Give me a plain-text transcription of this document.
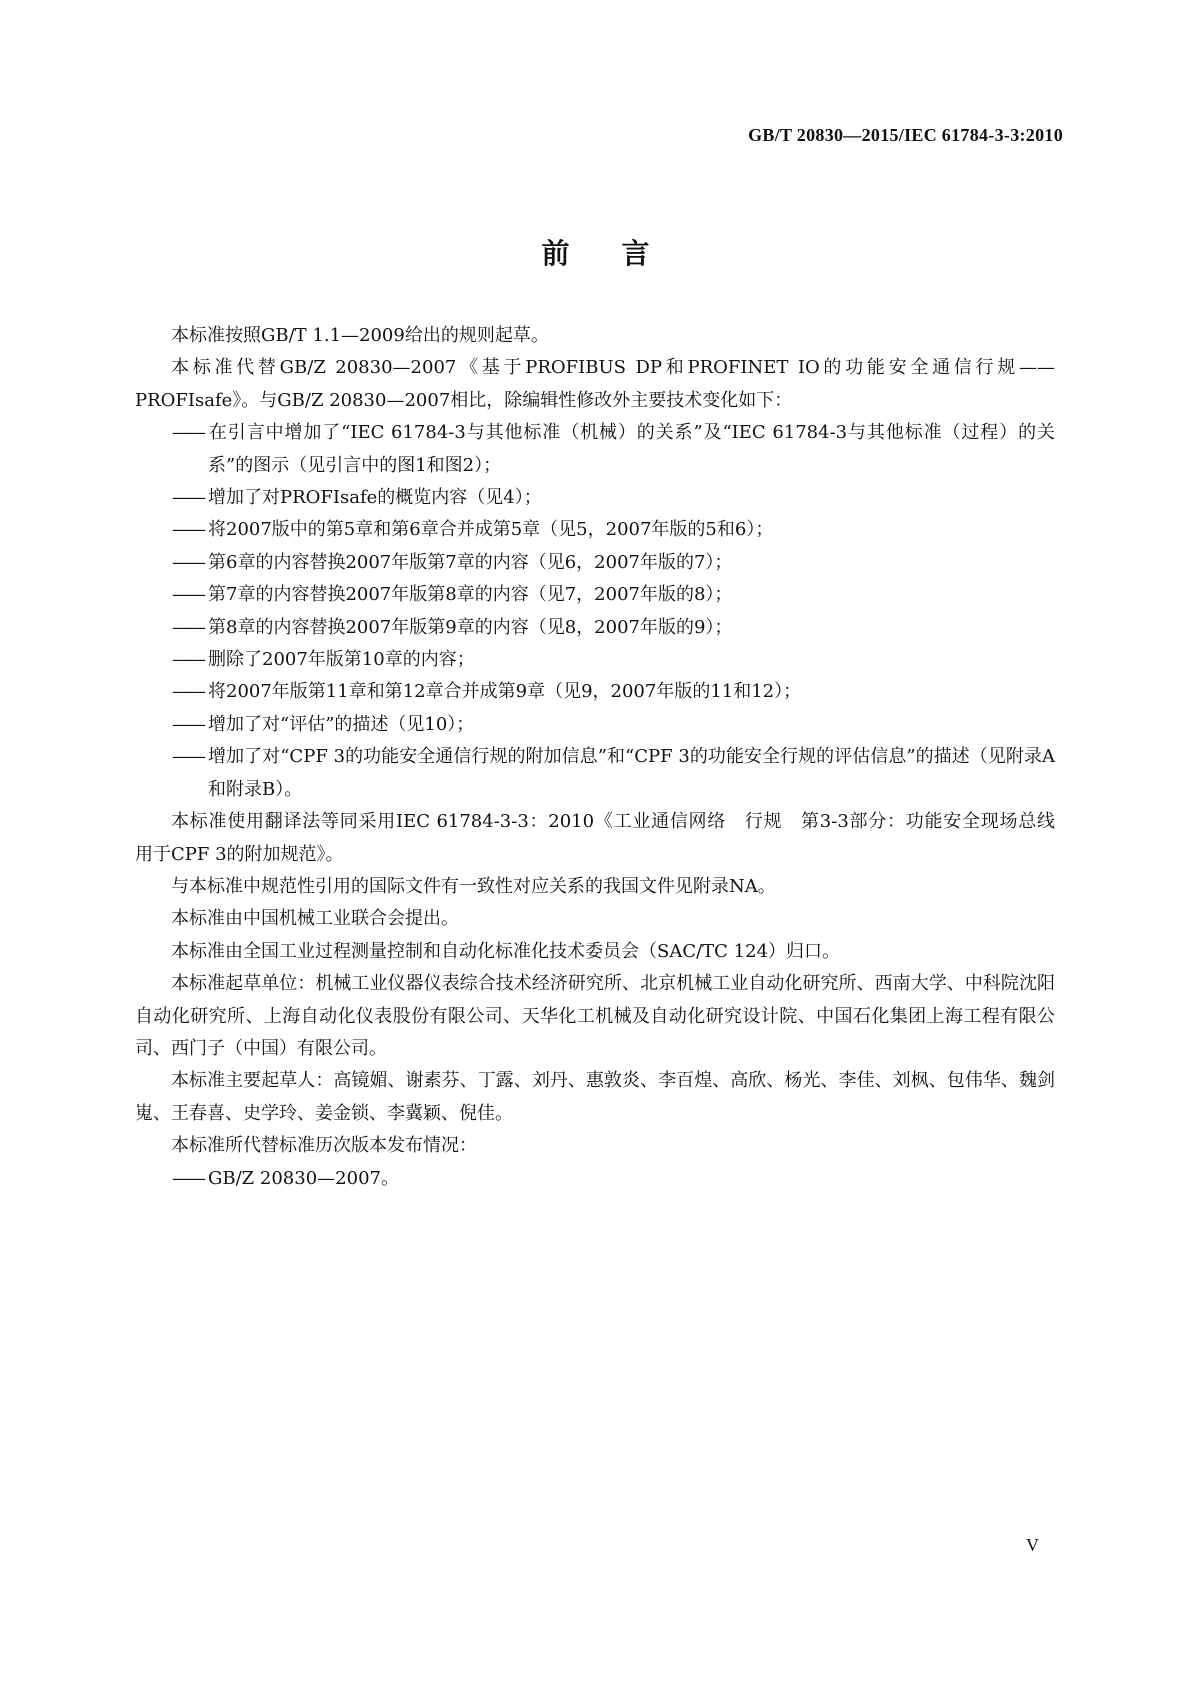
GB/T 20830—2015/IEC 61784-3-3:2010
前言

本标准按照GB/T 1.1—2009给出的规则起草。

本标准代替GB/Z 20830—2007《基于PROFIBUS DP和PROFINET IO的功能安全通信行规——PROFIsafe》。与GB/Z 20830—2007相比，除编辑性修改外主要技术变化如下：

—— 在引言中增加了“IEC 61784-3与其他标准（机械）的关系”及“IEC 61784-3与其他标准（过程）的关系”的图示（见引言中的图1和图2）；

—— 增加了对PROFIsafe的概览内容（见4）；

—— 将2007版中的第5章和第6章合并成第5章（见5，2007年版的5和6）；

—— 第6章的内容替换2007年版第7章的内容（见6，2007年版的7）；

—— 第7章的内容替换2007年版第8章的内容（见7，2007年版的8）；

—— 第8章的内容替换2007年版第9章的内容（见8，2007年版的9）；

—— 删除了2007年版第10章的内容；

—— 将2007年版第11章和第12章合并成第9章（见9，2007年版的11和12）；

—— 增加了对“评估”的描述（见10）；

—— 增加了对“CPF 3的功能安全通信行规的附加信息”和“CPF 3的功能安全行规的评估信息”的描述（见附录A和附录B）。

本标准使用翻译法等同采用IEC 61784-3-3：2010《工业通信网络　行规　第3-3部分：功能安全现场总线　用于CPF 3的附加规范》。

与本标准中规范性引用的国际文件有一致性对应关系的我国文件见附录NA。

本标准由中国机械工业联合会提出。

本标准由全国工业过程测量控制和自动化标准化技术委员会（SAC/TC 124）归口。

本标准起草单位：机械工业仪器仪表综合技术经济研究所、北京机械工业自动化研究所、西南大学、中科院沈阳自动化研究所、上海自动化仪表股份有限公司、天华化工机械及自动化研究设计院、中国石化集团上海工程有限公司、西门子（中国）有限公司。

本标准主要起草人：高镜媚、谢素芬、丁露、刘丹、惠敦炎、李百煌、高欣、杨光、李佳、刘枫、包伟华、魏剑嵬、王春喜、史学玲、姜金锁、李冀颖、倪佳。

本标准所代替标准历次版本发布情况：

—— GB/Z 20830—2007。

V
